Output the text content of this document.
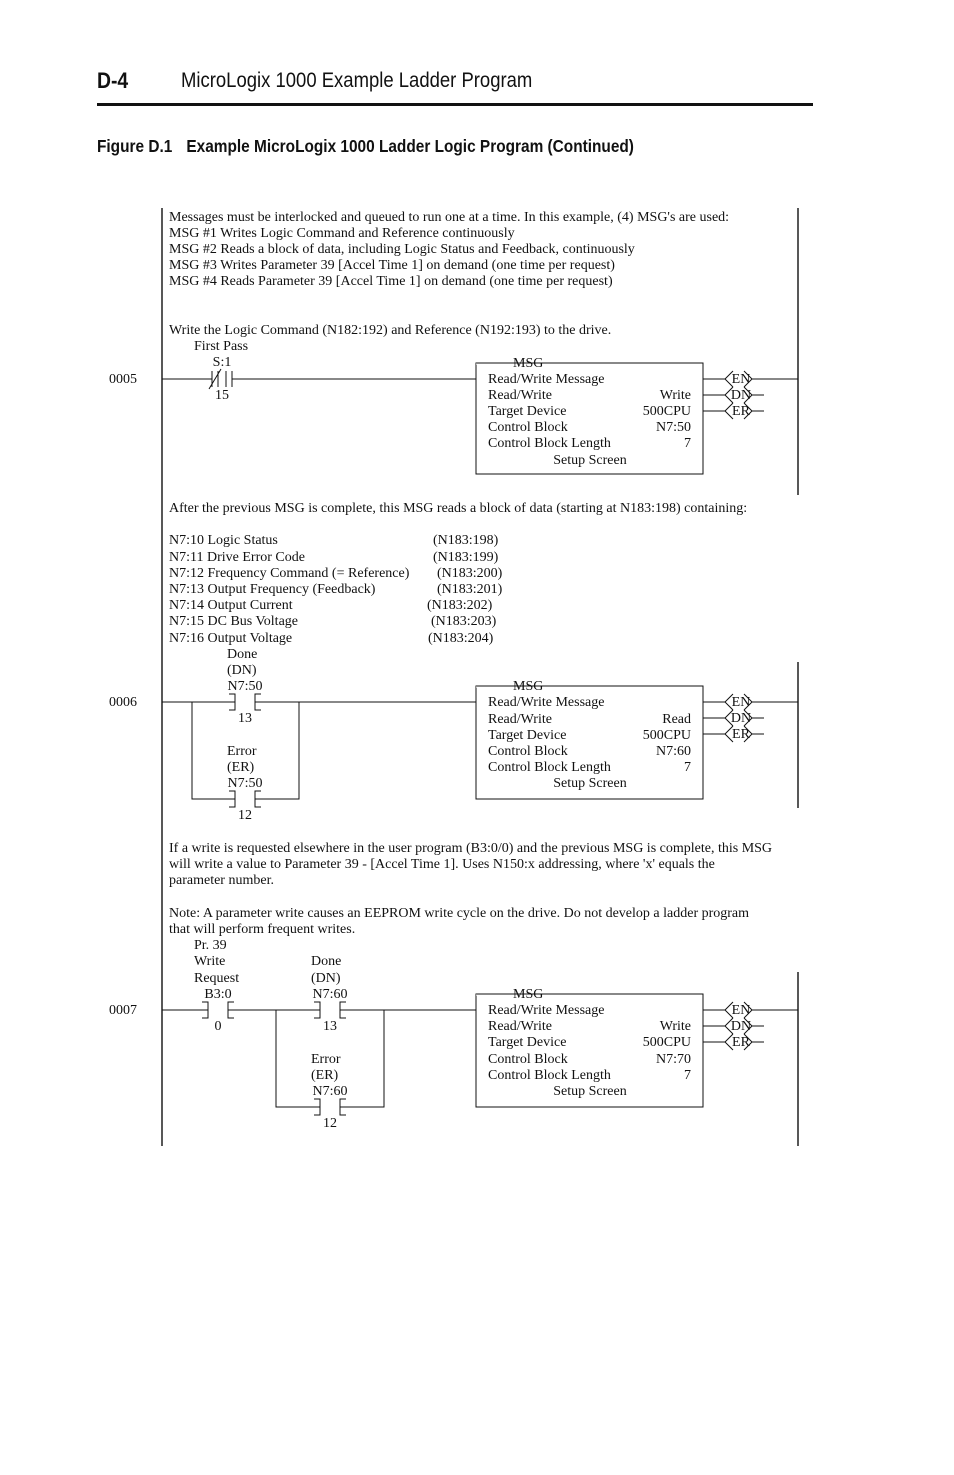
D-4	MicroLogix 1000 Example Ladder Program
Figure D.1 Example MicroLogix 1000 Ladder Logic Program (Continued)
Messages must be interlocked and queued to run one at a time. In this example, (4) MSG's are used:
MSG #1 Writes Logic Command and Reference continuously
MSG #2 Reads a block of data, including Logic Status and Feedback, continuously
MSG #3 Writes Parameter 39 [Accel Time 1] on demand (one time per request)
MSG #4 Reads Parameter 39 [Accel Time 1] on demand (one time per request)
Write the Logic Command (N182:192) and Reference (N192:193) to the drive.
0005
First Pass
S:1
15
MSG
Read/Write Message
Read/Write	Write
Target Device	500CPU
Control Block	N7:50
Control Block Length	7
Setup Screen
EN
DN
ER
After the previous MSG is complete, this MSG reads a block of data (starting at N183:198) containing:
N7:10 Logic Status	(N183:198)
N7:11 Drive Error Code	(N183:199)
N7:12 Frequency Command (= Reference) (N183:200)
N7:13 Output Frequency (Feedback)	(N183:201)
N7:14 Output Current	(N183:202)
N7:15 DC Bus Voltage	(N183:203)
N7:16 Output Voltage	(N183:204)
0006
Done
(DN)
N7:50
13
Error
(ER)
N7:50
12
MSG
Read/Write Message
Read/Write	Read
Target Device	500CPU
Control Block	N7:60
Control Block Length	7
Setup Screen
EN
DN
ER
If a write is requested elsewhere in the user program (B3:0/0) and the previous MSG is complete, this MSG
will write a value to Parameter 39 - [Accel Time 1]. Uses N150:x addressing, where 'x' equals the
parameter number.
Note: A parameter write causes an EEPROM write cycle on the drive. Do not develop a ladder program
that will perform frequent writes.
0007
Pr. 39
Write
Request
B3:0
0
Done
(DN)
N7:60
13
Error
(ER)
N7:60
12
MSG
Read/Write Message
Read/Write	Write
Target Device	500CPU
Control Block	N7:70
Control Block Length	7
Setup Screen
EN
DN
ER
